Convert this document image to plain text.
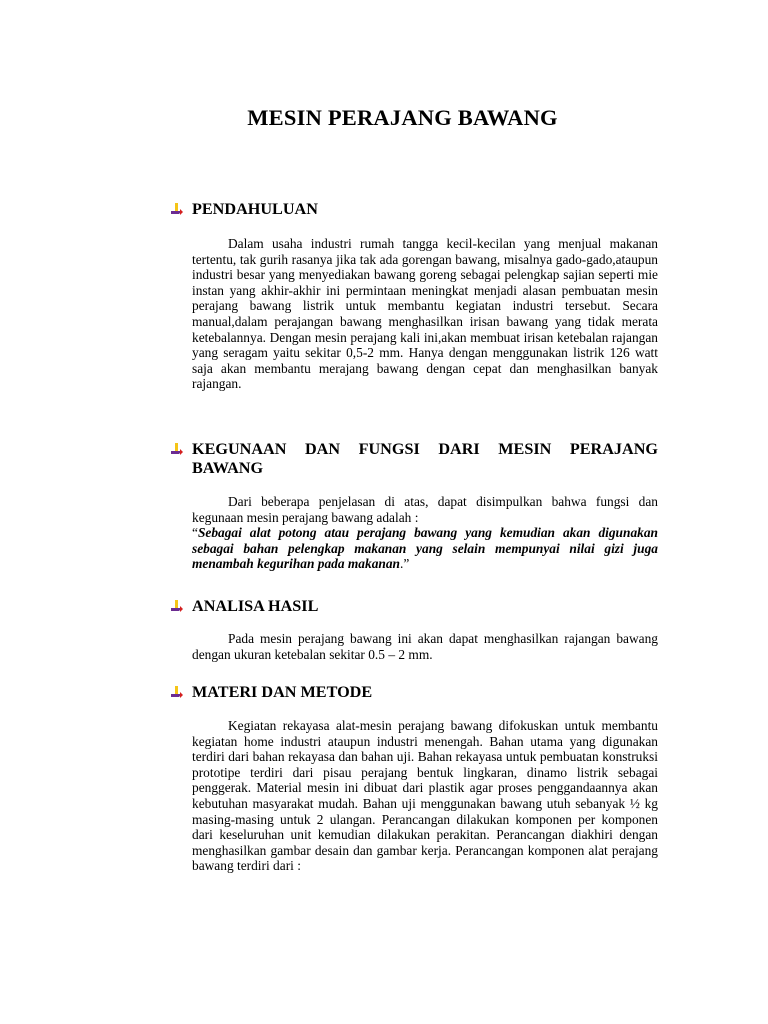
MESIN PERAJANG BAWANG
PENDAHULUAN

Dalam usaha industri rumah tangga kecil-kecilan yang menjual makanan tertentu, tak gurih rasanya jika tak ada gorengan bawang, misalnya gado-gado,ataupun industri besar yang menyediakan bawang goreng sebagai pelengkap sajian seperti mie instan yang akhir-akhir ini permintaan meningkat menjadi alasan pembuatan mesin perajang bawang listrik untuk membantu kegiatan industri tersebut. Secara manual,dalam perajangan bawang menghasilkan irisan bawang yang tidak merata ketebalannya. Dengan mesin perajang kali ini,akan membuat irisan ketebalan rajangan yang seragam yaitu sekitar 0,5-2 mm. Hanya dengan menggunakan listrik 126 watt saja akan membantu merajang bawang dengan cepat dan menghasilkan banyak rajangan.

KEGUNAAN DAN FUNGSI DARI MESIN PERAJANG BAWANG

Dari beberapa penjelasan di atas, dapat disimpulkan bahwa fungsi dan kegunaan mesin perajang bawang adalah :

“Sebagai alat potong atau perajang bawang yang kemudian akan digunakan sebagai bahan pelengkap makanan yang selain mempunyai nilai gizi juga menambah kegurihan pada makanan.”

ANALISA HASIL

Pada mesin perajang bawang ini akan dapat menghasilkan rajangan bawang dengan ukuran ketebalan sekitar 0.5 – 2 mm.

MATERI DAN METODE

Kegiatan rekayasa alat-mesin perajang bawang difokuskan untuk membantu kegiatan home industri ataupun industri menengah. Bahan utama yang digunakan terdiri dari bahan rekayasa dan bahan uji. Bahan rekayasa untuk pembuatan konstruksi prototipe terdiri dari pisau perajang bentuk lingkaran, dinamo listrik sebagai penggerak. Material mesin ini dibuat dari plastik agar proses penggandaannya akan kebutuhan masyarakat mudah. Bahan uji menggunakan bawang utuh sebanyak ½ kg masing-masing untuk 2 ulangan. Perancangan dilakukan komponen per komponen dari keseluruhan unit kemudian dilakukan perakitan. Perancangan diakhiri dengan menghasilkan gambar desain dan gambar kerja. Perancangan komponen alat perajang bawang terdiri dari :
